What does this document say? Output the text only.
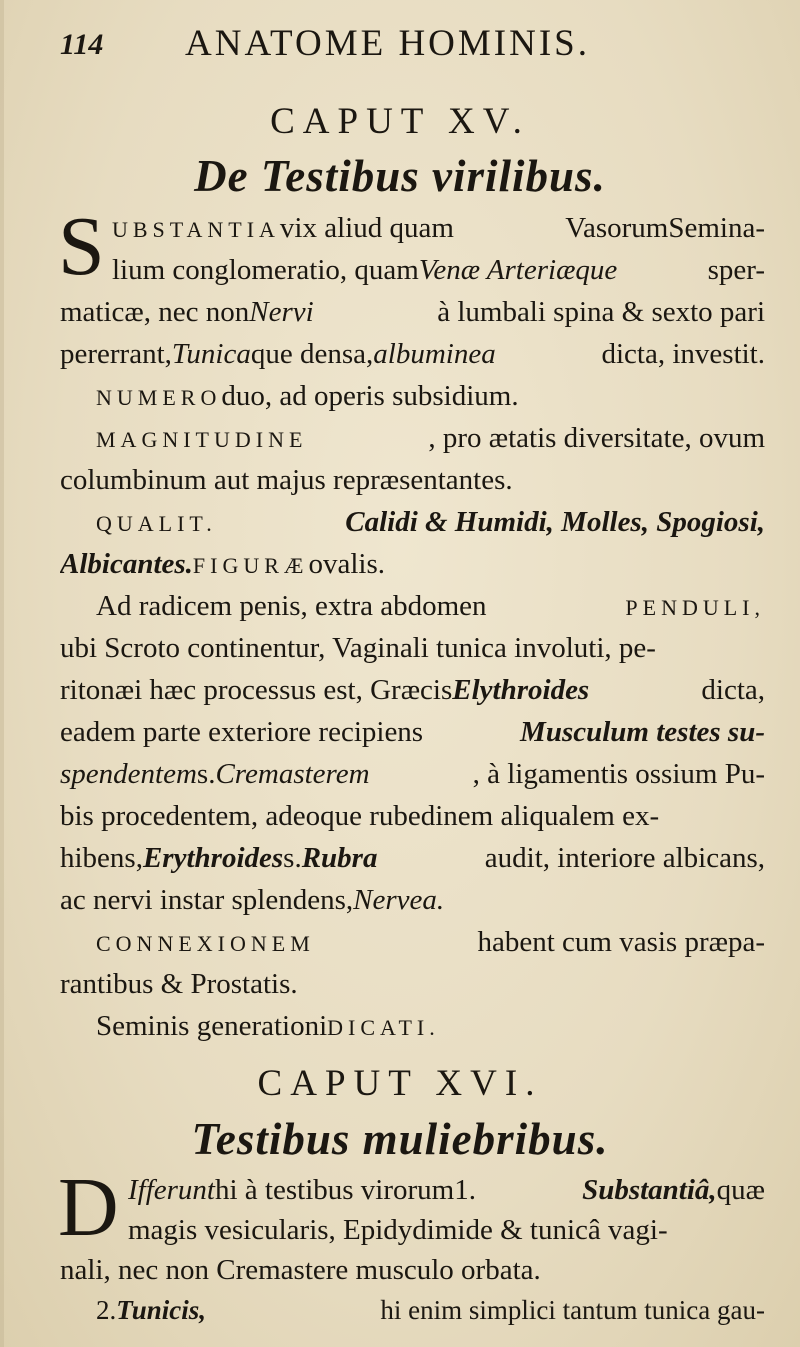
114 ANATOME HOMINIS.
CAPUT XV.
De Testibus virilibus.
S UBSTANTIA vix aliud quam	Vasorum Semina-
lium conglomeratio, quam Venæ Arteriæque	sper-
maticæ, nec non Nervi	à lumbali spina & sexto pari
pererrant, Tunica que densa, albuminea	dicta, investit.
NUMERO duo, ad operis subsidium.
MAGNITUDINE	, pro ætatis diversitate, ovum
columbinum aut majus repræsentantes.
QUALIT.	Calidi & Humidi, Molles, Spogiosi,
Albicantes. FIGURÆ ovalis.
Ad radicem penis, extra abdomen	PENDULI,
ubi Scroto continentur, Vaginali tunica involuti, pe-
ritonæi hæc processus est, Græcis Elythroides	dicta,
eadem parte exteriore recipiens	Musculum testes su-
spendentem s. Cremasterem	, à ligamentis ossium Pu-
bis procedentem, adeoque rubedinem aliqualem ex-
hibens, Erythroides s. Rubra	audit, interiore albicans,
ac nervi instar splendens, Nervea.
CONNEXIONEM	habent cum vasis præpa-
rantibus & Prostatis.
Seminis generationi DICATI.
CAPUT XVI.
Testibus muliebribus.
D Ifferunt hi à testibus virorum 1.	Substantiâ, quæ
magis vesicularis, Epidydimide & tunicâ vagi-
nali, nec non Cremastere musculo orbata.
2. Tunicis,	hi enim simplici tantum tunica gau-
